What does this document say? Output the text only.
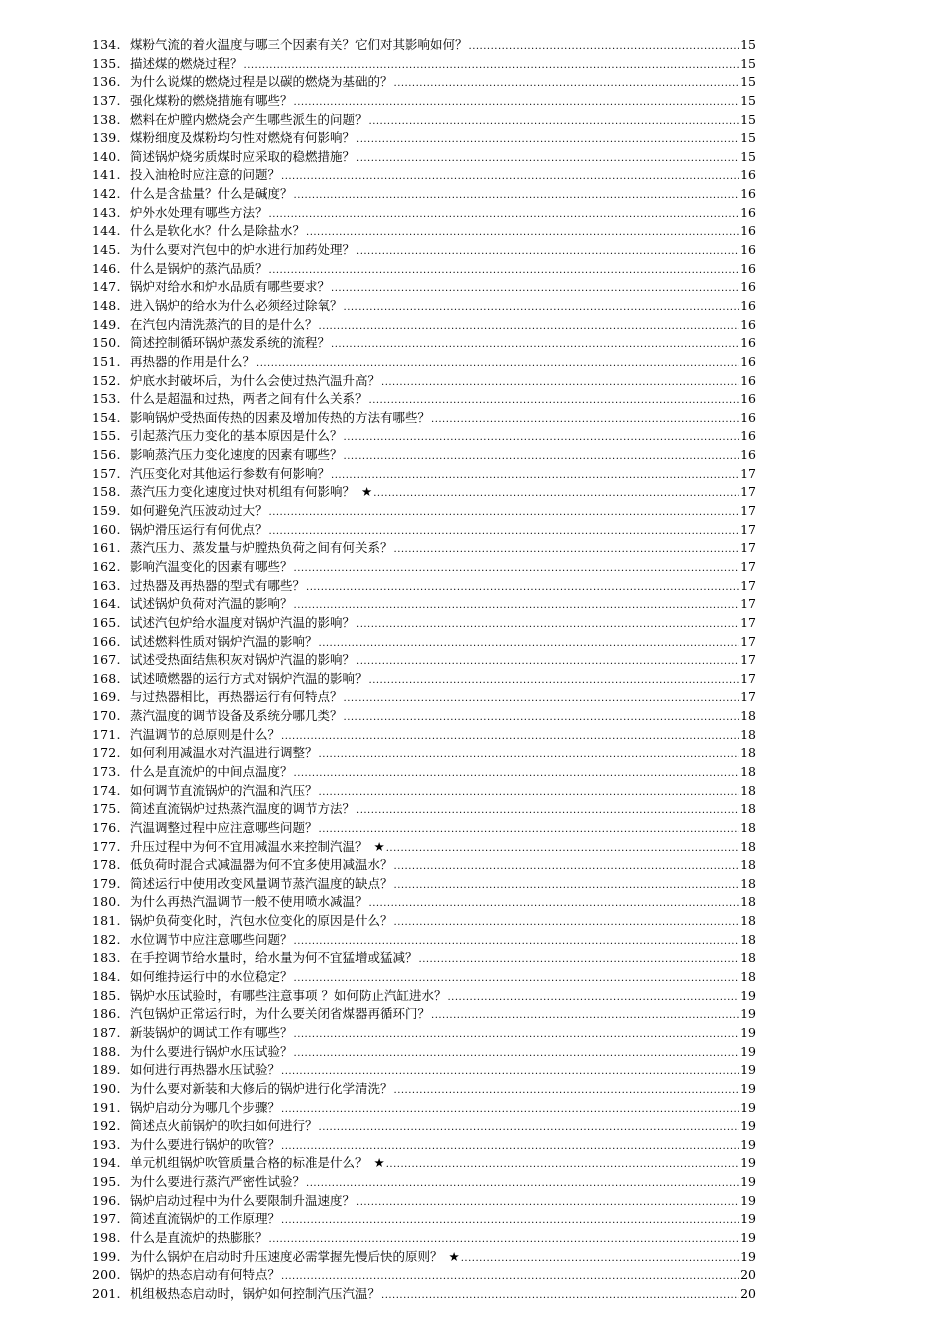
134. 煤粉气流的着火温度与哪三个因素有关？它们对其影响如何？ .....	15
135. 描述煤的燃烧过程？ .....	15
136. 为什么说煤的燃烧过程是以碳的燃烧为基础的？ .....	15
137. 强化煤粉的燃烧措施有哪些？ .....	15
138. 燃料在炉膛内燃烧会产生哪些派生的问题？ .....	15
139. 煤粉细度及煤粉均匀性对燃烧有何影响？ .....	15
140. 简述锅炉烧劣质煤时应采取的稳燃措施？ .....	15
141. 投入油枪时应注意的问题？ .....	16
142. 什么是含盐量？什么是碱度？ .....	16
143. 炉外水处理有哪些方法？ .....	16
144. 什么是软化水？什么是除盐水？ .....	16
145. 为什么要对汽包中的炉水进行加药处理？ .....	16
146. 什么是锅炉的蒸汽品质？ .....	16
147. 锅炉对给水和炉水品质有哪些要求？ .....	16
148. 进入锅炉的给水为什么必须经过除氧？ .....	16
149. 在汽包内清洗蒸汽的目的是什么？ .....	16
150. 简述控制循环锅炉蒸发系统的流程？ .....	16
151. 再热器的作用是什么？ .....	16
152. 炉底水封破坏后，为什么会使过热汽温升高？ .....	16
153. 什么是超温和过热，两者之间有什么关系？ .....	16
154. 影响锅炉受热面传热的因素及增加传热的方法有哪些？ .....	16
155. 引起蒸汽压力变化的基本原因是什么？ .....	16
156. 影响蒸汽压力变化速度的因素有哪些？ .....	16
157. 汽压变化对其他运行参数有何影响？ .....	17
158. 蒸汽压力变化速度过快对机组有何影响？ ★ .....	17
159. 如何避免汽压波动过大？ .....	17
160. 锅炉滑压运行有何优点？ .....	17
161. 蒸汽压力、蒸发量与炉膛热负荷之间有何关系？ .....	17
162. 影响汽温变化的因素有哪些？ .....	17
163. 过热器及再热器的型式有哪些？ .....	17
164. 试述锅炉负荷对汽温的影响？ .....	17
165. 试述汽包炉给水温度对锅炉汽温的影响？ .....	17
166. 试述燃料性质对锅炉汽温的影响？ .....	17
167. 试述受热面结焦积灰对锅炉汽温的影响？ .....	17
168. 试述喷燃器的运行方式对锅炉汽温的影响？ .....	17
169. 与过热器相比，再热器运行有何特点？ .....	17
170. 蒸汽温度的调节设备及系统分哪几类？ .....	18
171. 汽温调节的总原则是什么？ .....	18
172. 如何利用减温水对汽温进行调整？ .....	18
173. 什么是直流炉的中间点温度？ .....	18
174. 如何调节直流锅炉的汽温和汽压？ .....	18
175. 简述直流锅炉过热蒸汽温度的调节方法？ .....	18
176. 汽温调整过程中应注意哪些问题？ .....	18
177. 升压过程中为何不宜用减温水来控制汽温？ ★ .....	18
178. 低负荷时混合式减温器为何不宜多使用减温水？ .....	18
179. 简述运行中使用改变风量调节蒸汽温度的缺点？ .....	18
180. 为什么再热汽温调节一般不使用喷水减温？ .....	18
181. 锅炉负荷变化时，汽包水位变化的原因是什么？ .....	18
182. 水位调节中应注意哪些问题？ .....	18
183. 在手控调节给水量时，给水量为何不宜猛增或猛减？ .....	18
184. 如何维持运行中的水位稳定？ .....	18
185. 锅炉水压试验时，有哪些注意事项 ？如何防止汽缸进水？ .....	19
186. 汽包锅炉正常运行时，为什么要关闭省煤器再循环门？ .....	19
187. 新装锅炉的调试工作有哪些？ .....	19
188. 为什么要进行锅炉水压试验？ .....	19
189. 如何进行再热器水压试验？ .....	19
190. 为什么要对新装和大修后的锅炉进行化学清洗？ .....	19
191. 锅炉启动分为哪几个步骤？ .....	19
192. 简述点火前锅炉的吹扫如何进行？ .....	19
193. 为什么要进行锅炉的吹管？ .....	19
194. 单元机组锅炉吹管质量合格的标准是什么？ ★ .....	19
195. 为什么要进行蒸汽严密性试验？ .....	19
196. 锅炉启动过程中为什么要限制升温速度？ .....	19
197. 简述直流锅炉的工作原理？ .....	19
198. 什么是直流炉的热膨胀？ .....	19
199. 为什么锅炉在启动时升压速度必需掌握先慢后快的原则？ ★ .....	19
200. 锅炉的热态启动有何特点？ .....	20
201. 机组极热态启动时，锅炉如何控制汽压汽温？ .....	20
